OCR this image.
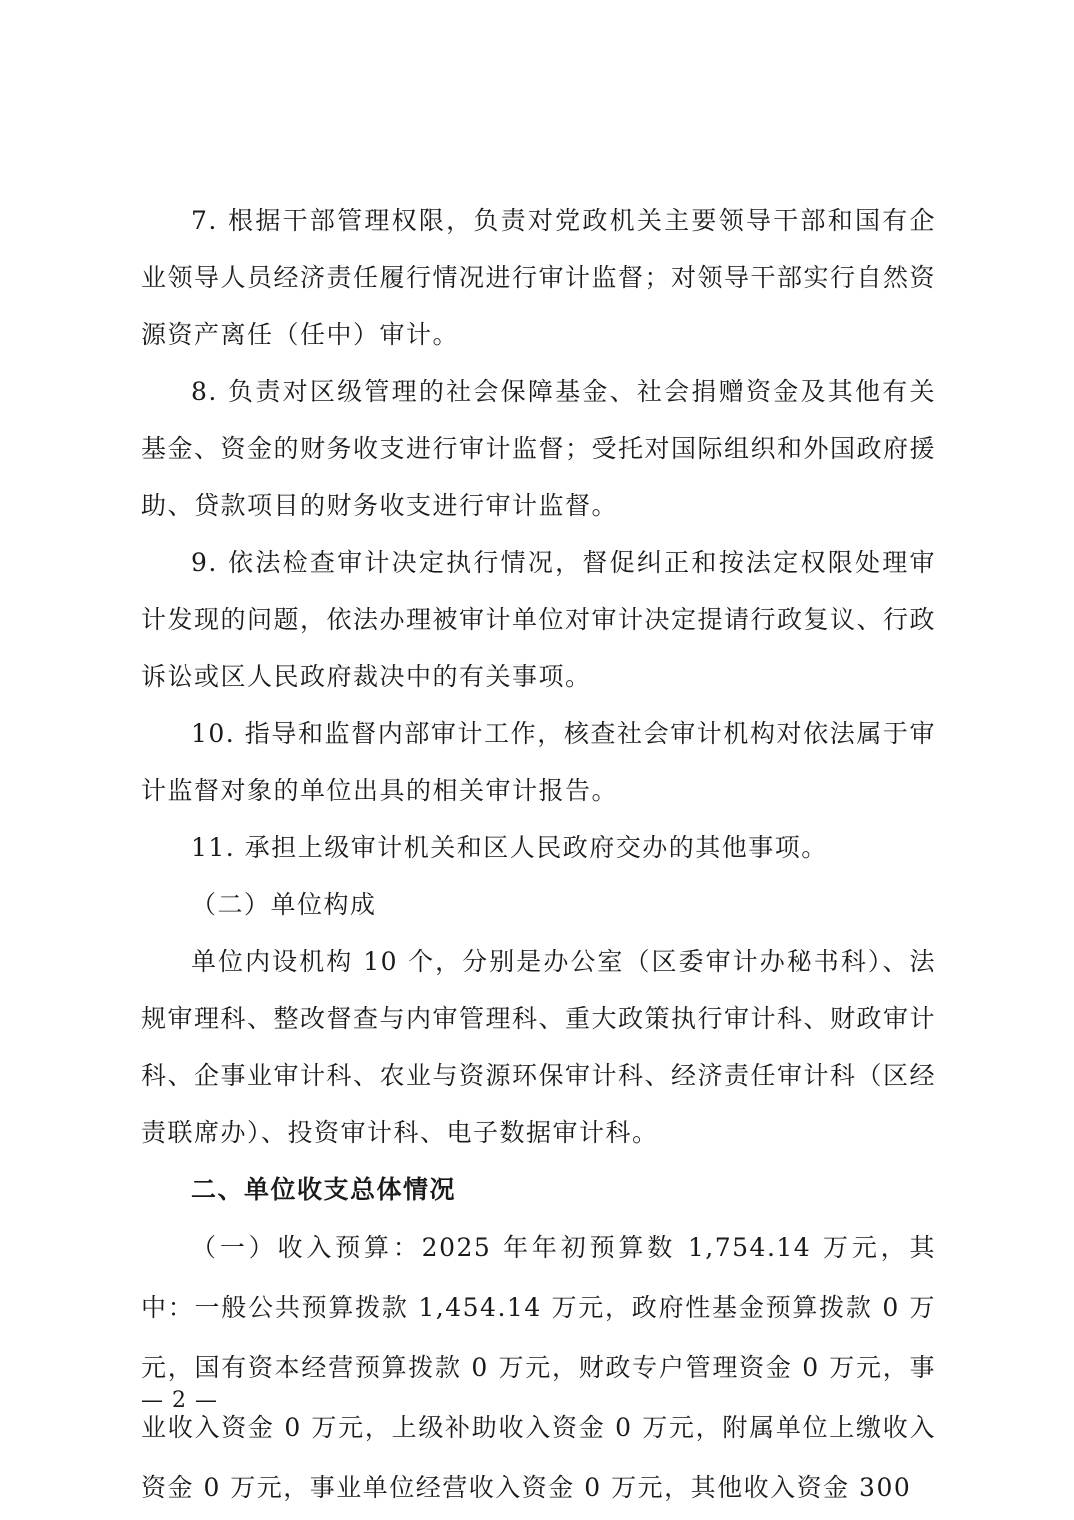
7. 根据干部管理权限，负责对党政机关主要领导干部和国有企业领导人员经济责任履行情况进行审计监督；对领导干部实行自然资源资产离任（任中）审计。

8. 负责对区级管理的社会保障基金、社会捐赠资金及其他有关基金、资金的财务收支进行审计监督；受托对国际组织和外国政府援助、贷款项目的财务收支进行审计监督。

9. 依法检查审计决定执行情况，督促纠正和按法定权限处理审计发现的问题，依法办理被审计单位对审计决定提请行政复议、行政诉讼或区人民政府裁决中的有关事项。

10. 指导和监督内部审计工作，核查社会审计机构对依法属于审计监督对象的单位出具的相关审计报告。

11. 承担上级审计机关和区人民政府交办的其他事项。

（二）单位构成

单位内设机构 10 个，分别是办公室（区委审计办秘书科）、法规审理科、整改督查与内审管理科、重大政策执行审计科、财政审计科、企事业审计科、农业与资源环保审计科、经济责任审计科（区经责联席办）、投资审计科、电子数据审计科。

二、单位收支总体情况

（一）收入预算：2025 年年初预算数 1,754.14 万元，其中：一般公共预算拨款 1,454.14 万元，政府性基金预算拨款 0 万元，国有资本经营预算拨款 0 万元，财政专户管理资金 0 万元，事业收入资金 0 万元，上级补助收入资金 0 万元，附属单位上缴收入资金 0 万元，事业单位经营收入资金 0 万元，其他收入资金 300

— 2 —
